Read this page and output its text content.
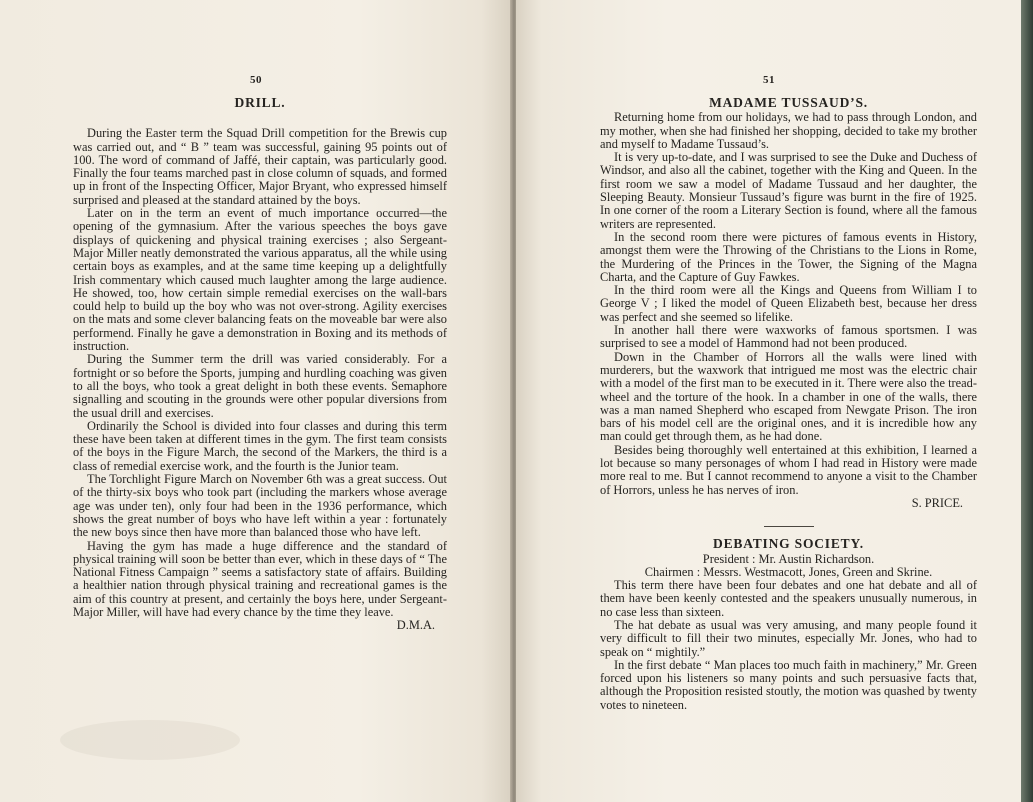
50
DRILL.

During the Easter term the Squad Drill competition for the Brewis cup was carried out, and “ B ” team was successful, gaining 95 points out of 100. The word of command of Jaffé, their captain, was particularly good. Finally the four teams marched past in close column of squads, and formed up in front of the Inspecting Officer, Major Bryant, who expressed himself surprised and pleased at the standard attained by the boys.

Later on in the term an event of much importance occurred—the opening of the gymnasium. After the various speeches the boys gave displays of quickening and physical training exercises ; also Sergeant-Major Miller neatly demonstrated the various apparatus, all the while using certain boys as examples, and at the same time keeping up a delightfully Irish commentary which caused much laughter among the large audience. He showed, too, how certain simple remedial exercises on the wall-bars could help to build up the boy who was not over-strong. Agility exercises on the mats and some clever balancing feats on the moveable bar were also performend. Finally he gave a demonstration in Boxing and its methods of instruction.

During the Summer term the drill was varied considerably. For a fortnight or so before the Sports, jumping and hurdling coaching was given to all the boys, who took a great delight in both these events. Semaphore signalling and scouting in the grounds were other popular diversions from the usual drill and exercises.

Ordinarily the School is divided into four classes and during this term these have been taken at different times in the gym. The first team consists of the boys in the Figure March, the second of the Markers, the third is a class of remedial exercise work, and the fourth is the Junior team.

The Torchlight Figure March on November 6th was a great success. Out of the thirty-six boys who took part (including the markers whose average age was under ten), only four had been in the 1936 performance, which shows the great number of boys who have left within a year : fortunately the new boys since then have more than balanced those who have left.

Having the gym has made a huge difference and the standard of physical training will soon be better than ever, which in these days of “ The National Fitness Campaign ” seems a satisfactory state of affairs. Building a healthier nation through physical training and recreational games is the aim of this country at present, and certainly the boys here, under Sergeant-Major Miller, will have had every chance by the time they leave.

D.M.A.

51
MADAME TUSSAUD’S.

Returning home from our holidays, we had to pass through London, and my mother, when she had finished her shopping, decided to take my brother and myself to Madame Tussaud’s.

It is very up-to-date, and I was surprised to see the Duke and Duchess of Windsor, and also all the cabinet, together with the King and Queen. In the first room we saw a model of Madame Tussaud and her daughter, the Sleeping Beauty. Monsieur Tussaud’s figure was burnt in the fire of 1925. In one corner of the room a Literary Section is found, where all the famous writers are represented.

In the second room there were pictures of famous events in History, amongst them were the Throwing of the Christians to the Lions in Rome, the Murdering of the Princes in the Tower, the Signing of the Magna Charta, and the Capture of Guy Fawkes.

In the third room were all the Kings and Queens from William I to George V ; I liked the model of Queen Elizabeth best, because her dress was perfect and she seemed so lifelike.

In another hall there were waxworks of famous sportsmen. I was surprised to see a model of Hammond had not been produced.

Down in the Chamber of Horrors all the walls were lined with murderers, but the waxwork that intrigued me most was the electric chair with a model of the first man to be executed in it. There were also the tread-wheel and the torture of the hook. In a chamber in one of the walls, there was a man named Shepherd who escaped from Newgate Prison. The iron bars of his model cell are the original ones, and it is incredible how any man could get through them, as he had done.

Besides being thoroughly well entertained at this exhibition, I learned a lot because so many personages of whom I had read in History were made more real to me. But I cannot recommend to anyone a visit to the Chamber of Horrors, unless he has nerves of iron.

S. PRICE.

DEBATING SOCIETY.

President : Mr. Austin Richardson.

Chairmen : Messrs. Westmacott, Jones, Green and Skrine.

This term there have been four debates and one hat debate and all of them have been keenly contested and the speakers unusually numerous, in no case less than sixteen.

The hat debate as usual was very amusing, and many people found it very difficult to fill their two minutes, especially Mr. Jones, who had to speak on “ mightily.”

In the first debate “ Man places too much faith in machinery,” Mr. Green forced upon his listeners so many points and such persuasive facts that, although the Proposition resisted stoutly, the motion was quashed by twenty votes to nineteen.
